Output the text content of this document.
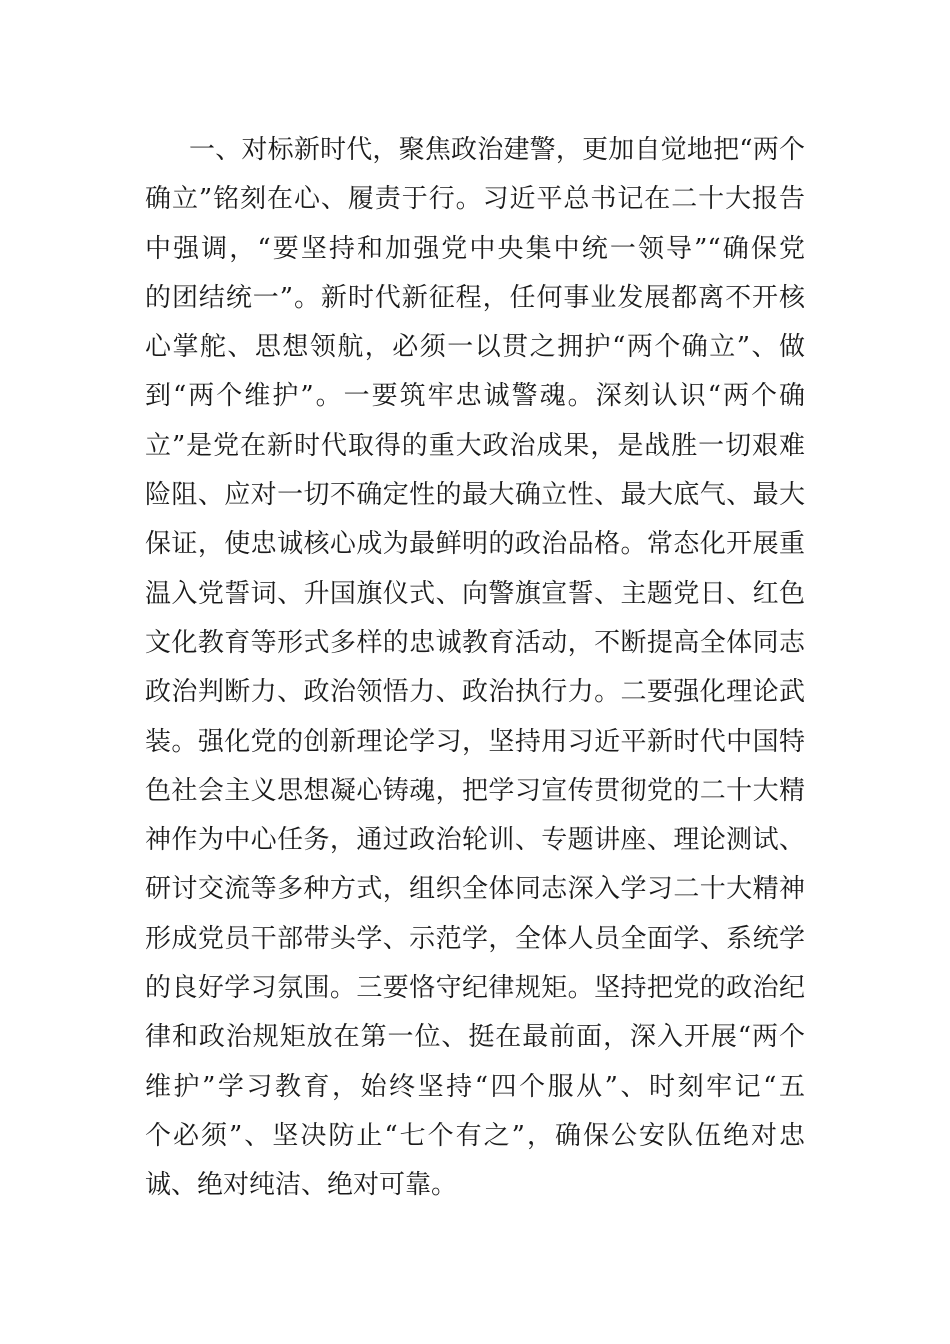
一、对标新时代，聚焦政治建警，更加自觉地把“两个
确立”铭刻在心、履责于行。习近平总书记在二十大报告
中强调，“要坚持和加强党中央集中统一领导”“确保党
的团结统一”。新时代新征程，任何事业发展都离不开核
心掌舵、思想领航，必须一以贯之拥护“两个确立”、做
到“两个维护”。一要筑牢忠诚警魂。深刻认识“两个确
立”是党在新时代取得的重大政治成果，是战胜一切艰难
险阻、应对一切不确定性的最大确立性、最大底气、最大
保证，使忠诚核心成为最鲜明的政治品格。常态化开展重
温入党誓词、升国旗仪式、向警旗宣誓、主题党日、红色
文化教育等形式多样的忠诚教育活动，不断提高全体同志
政治判断力、政治领悟力、政治执行力。二要强化理论武
装。强化党的创新理论学习，坚持用习近平新时代中国特
色社会主义思想凝心铸魂，把学习宣传贯彻党的二十大精
神作为中心任务，通过政治轮训、专题讲座、理论测试、
研讨交流等多种方式，组织全体同志深入学习二十大精神
形成党员干部带头学、示范学，全体人员全面学、系统学
的良好学习氛围。三要恪守纪律规矩。坚持把党的政治纪
律和政治规矩放在第一位、挺在最前面，深入开展“两个
维护”学习教育，始终坚持“四个服从”、时刻牢记“五
个必须”、坚决防止“七个有之”，确保公安队伍绝对忠
诚、绝对纯洁、绝对可靠。
